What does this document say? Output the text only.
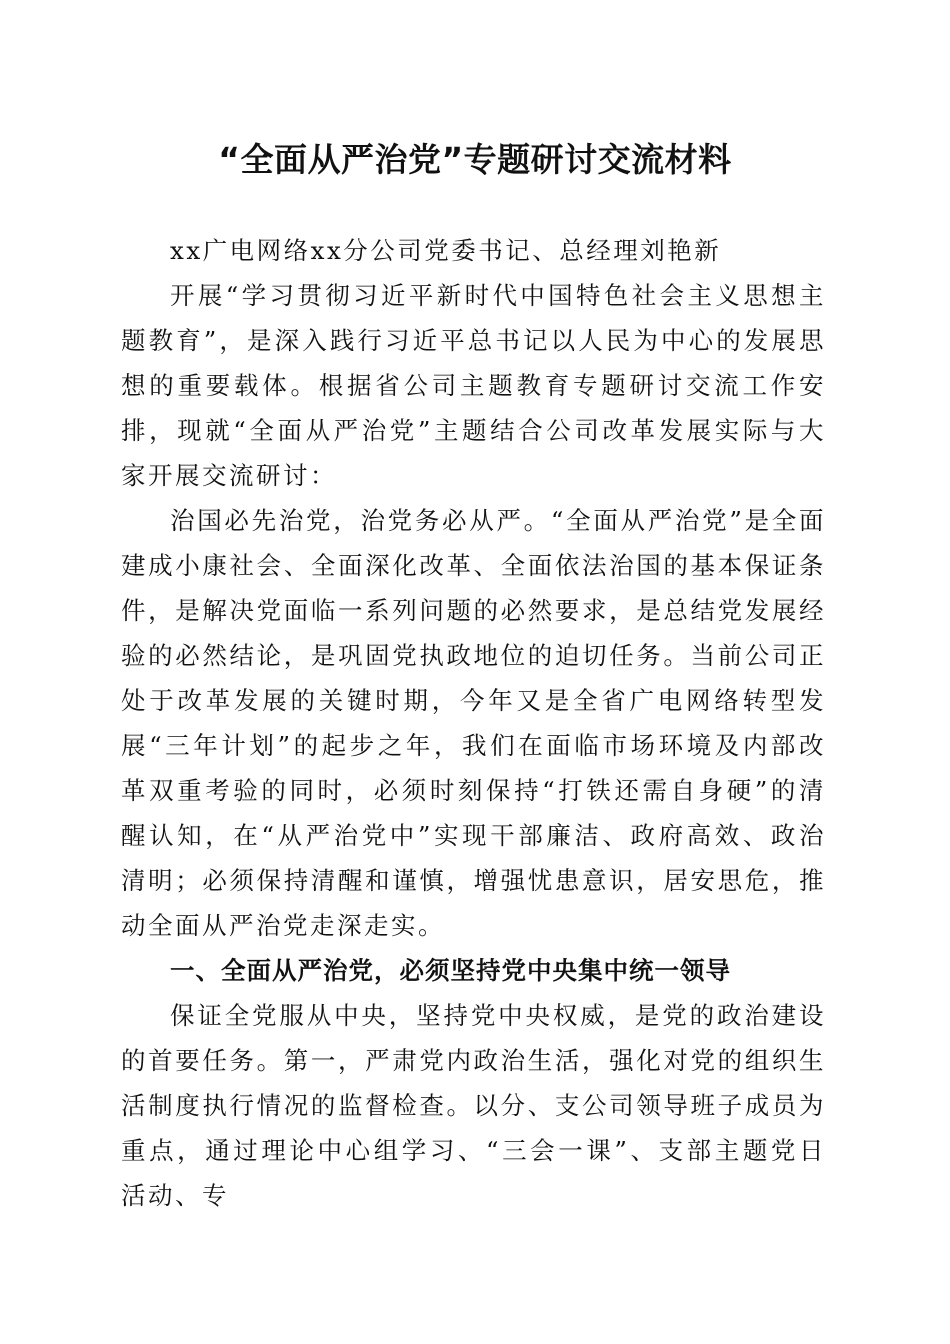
“全面从严治党”专题研讨交流材料

xx广电网络xx分公司党委书记、总经理刘艳新

开展“学习贯彻习近平新时代中国特色社会主义思想主题教育”，是深入践行习近平总书记以人民为中心的发展思想的重要载体。根据省公司主题教育专题研讨交流工作安排，现就“全面从严治党”主题结合公司改革发展实际与大家开展交流研讨：

治国必先治党，治党务必从严。“全面从严治党”是全面建成小康社会、全面深化改革、全面依法治国的基本保证条件，是解决党面临一系列问题的必然要求，是总结党发展经验的必然结论，是巩固党执政地位的迫切任务。当前公司正处于改革发展的关键时期，今年又是全省广电网络转型发展“三年计划”的起步之年，我们在面临市场环境及内部改革双重考验的同时，必须时刻保持“打铁还需自身硬”的清醒认知，在“从严治党中”实现干部廉洁、政府高效、政治清明；必须保持清醒和谨慎，增强忧患意识，居安思危，推动全面从严治党走深走实。

一、全面从严治党，必须坚持党中央集中统一领导

保证全党服从中央，坚持党中央权威，是党的政治建设的首要任务。第一，严肃党内政治生活，强化对党的组织生活制度执行情况的监督检查。以分、支公司领导班子成员为重点，通过理论中心组学习、“三会一课”、支部主题党日活动、专
